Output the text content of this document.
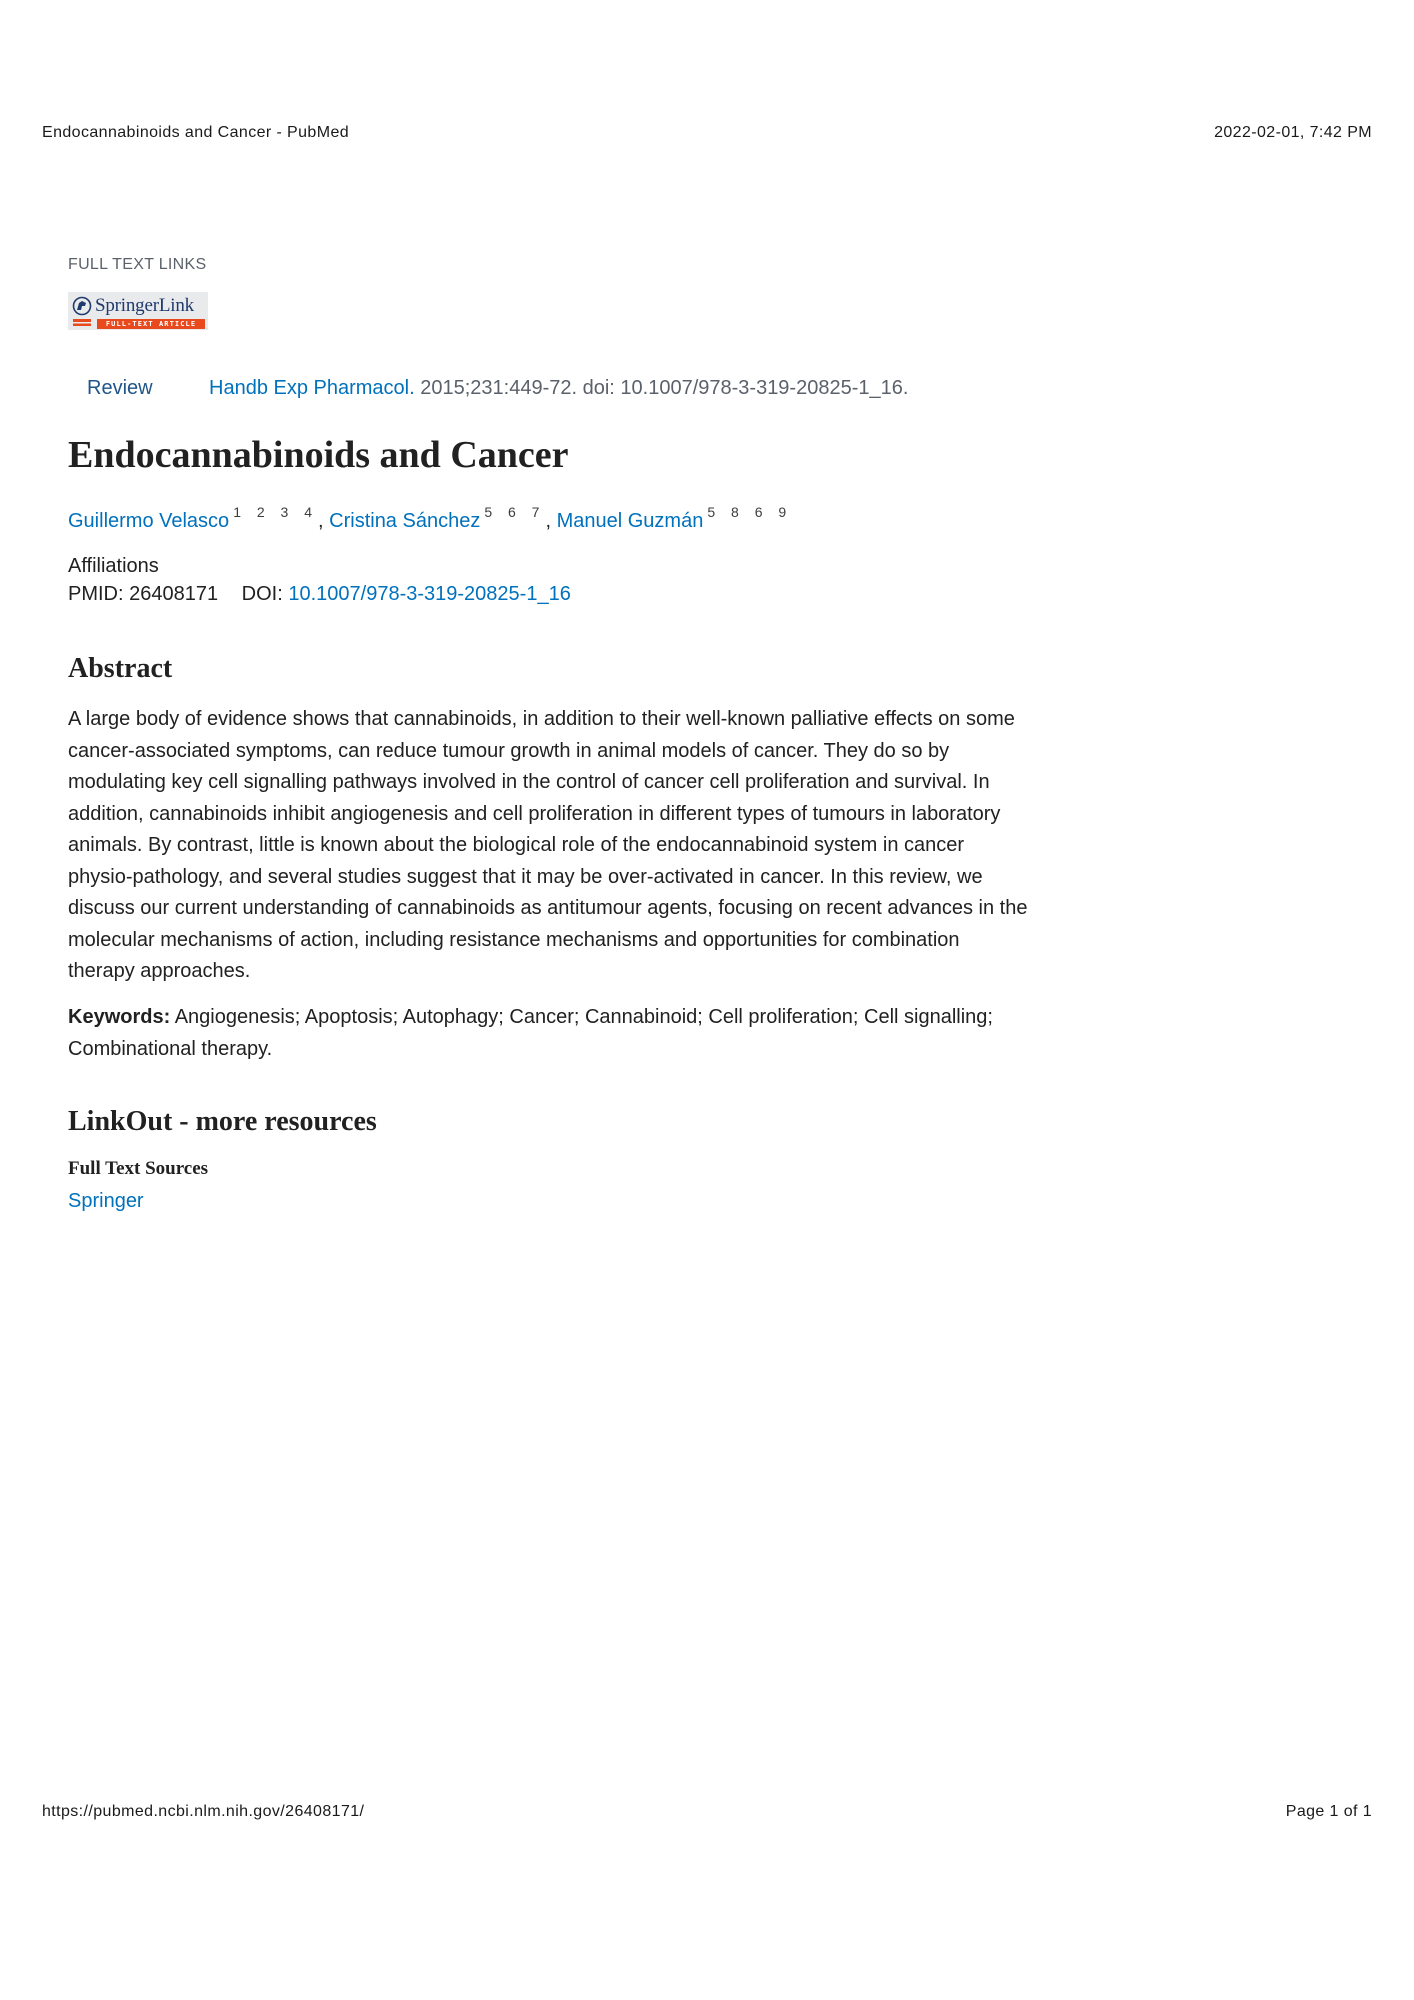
Endocannabinoids and Cancer - PubMed	2022-02-01, 7:42 PM
FULL TEXT LINKS
SpringerLink
FULL-TEXT ARTICLE
Review	Handb Exp Pharmacol. 2015;231:449-72. doi: 10.1007/978-3-319-20825-1_16.
Endocannabinoids and Cancer
Guillermo Velasco $^{1 2 3 4}$, Cristina Sánchez $^{5 6 7}$, Manuel Guzmán $^{5 8 6 9}$
Affiliations
PMID: 26408171 DOI: 10.1007/978-3-319-20825-1_16
Abstract

A large body of evidence shows that cannabinoids, in addition to their well-known palliative effects on some cancer-associated symptoms, can reduce tumour growth in animal models of cancer. They do so by modulating key cell signalling pathways involved in the control of cancer cell proliferation and survival. In addition, cannabinoids inhibit angiogenesis and cell proliferation in different types of tumours in laboratory animals. By contrast, little is known about the biological role of the endocannabinoid system in cancer physio-pathology, and several studies suggest that it may be over-activated in cancer. In this review, we discuss our current understanding of cannabinoids as antitumour agents, focusing on recent advances in the molecular mechanisms of action, including resistance mechanisms and opportunities for combination therapy approaches.

Keywords: Angiogenesis; Apoptosis; Autophagy; Cancer; Cannabinoid; Cell proliferation; Cell signalling; Combinational therapy.

LinkOut - more resources
Full Text Sources
Springer
https://pubmed.ncbi.nlm.nih.gov/26408171/	Page 1 of 1
